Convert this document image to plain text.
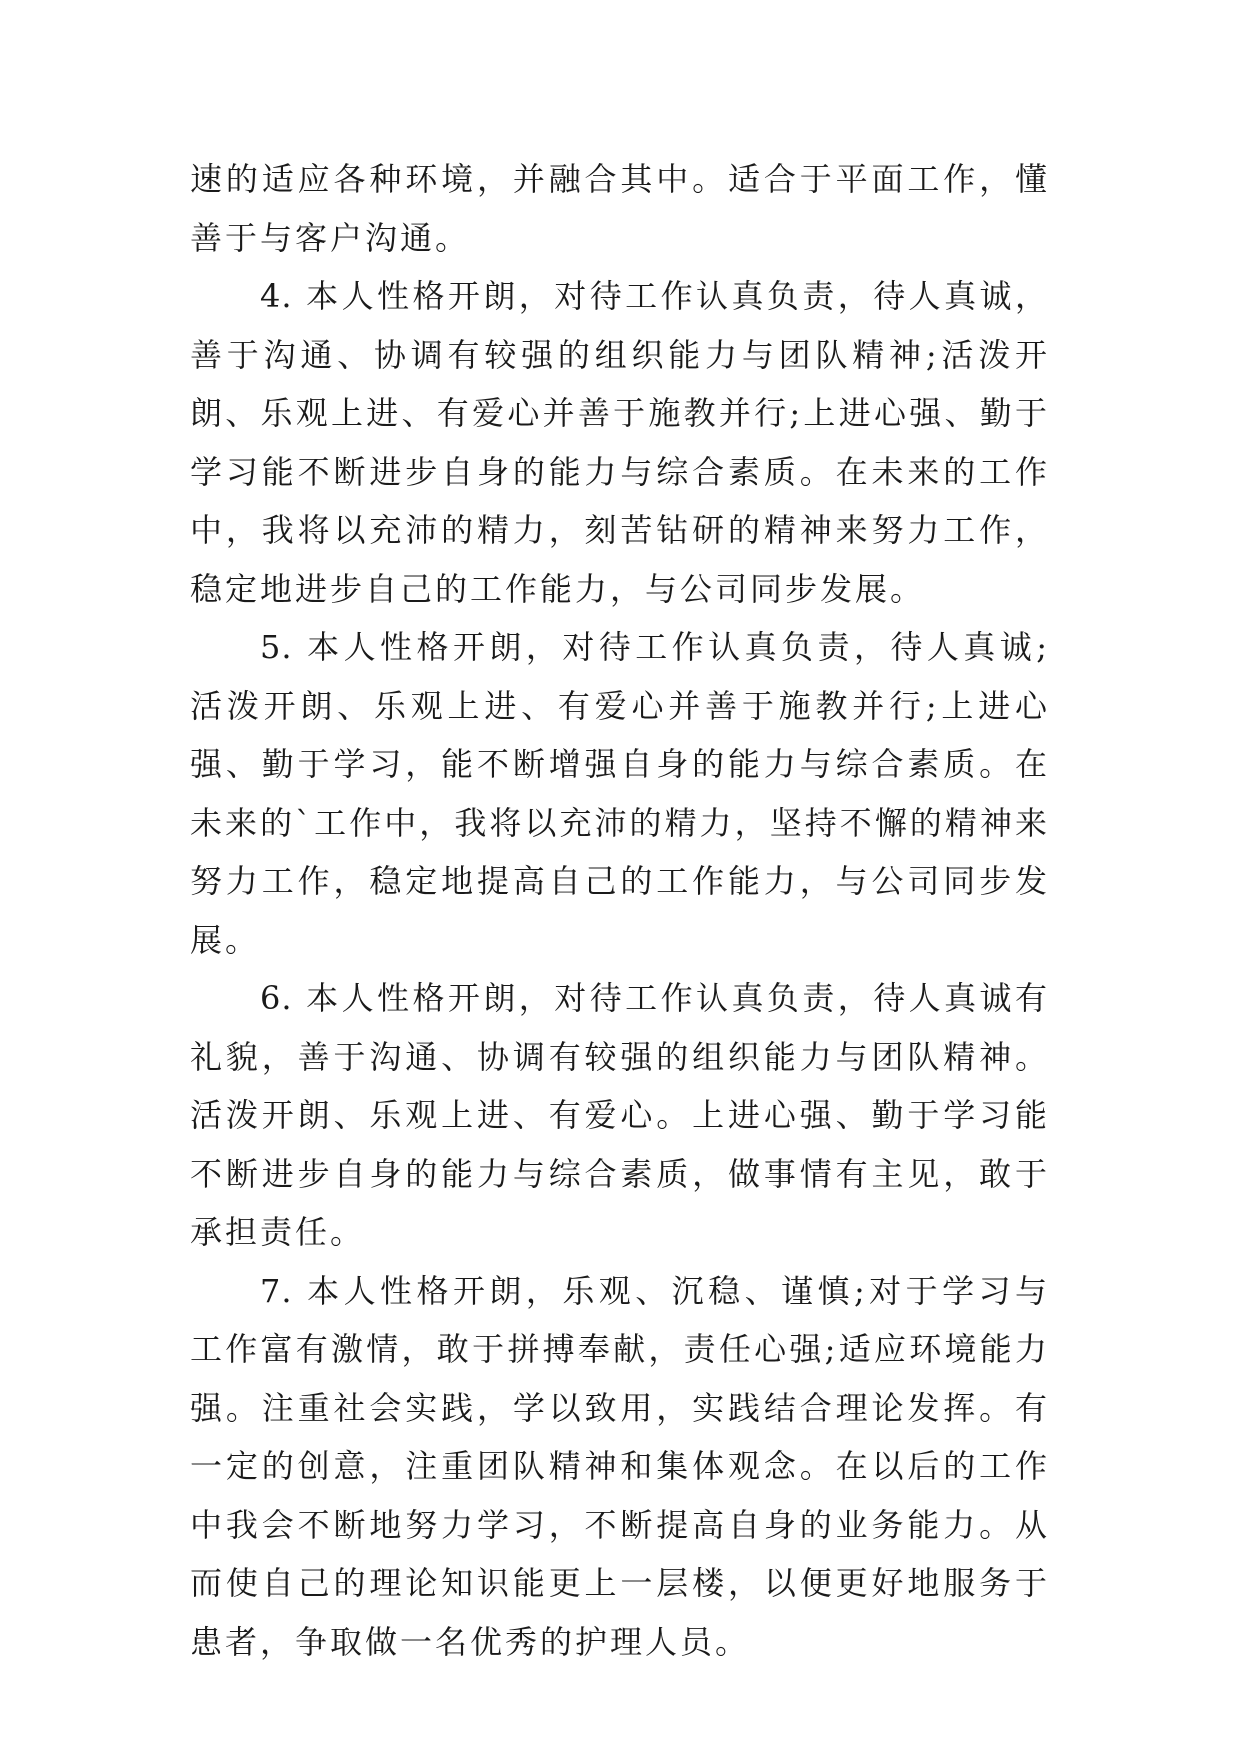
速的适应各种环境，并融合其中。适合于平面工作，懂善于与客户沟通。

4. 本人性格开朗，对待工作认真负责，待人真诚，善于沟通、协调有较强的组织能力与团队精神;活泼开朗、乐观上进、有爱心并善于施教并行;上进心强、勤于学习能不断进步自身的能力与综合素质。在未来的工作中，我将以充沛的精力，刻苦钻研的精神来努力工作，稳定地进步自己的工作能力，与公司同步发展。

5. 本人性格开朗，对待工作认真负责，待人真诚;活泼开朗、乐观上进、有爱心并善于施教并行;上进心强、勤于学习，能不断增强自身的能力与综合素质。在未来的`工作中，我将以充沛的精力，坚持不懈的精神来努力工作，稳定地提高自己的工作能力，与公司同步发展。

6. 本人性格开朗，对待工作认真负责，待人真诚有礼貌，善于沟通、协调有较强的组织能力与团队精神。活泼开朗、乐观上进、有爱心。上进心强、勤于学习能不断进步自身的能力与综合素质，做事情有主见，敢于承担责任。

7. 本人性格开朗，乐观、沉稳、谨慎;对于学习与工作富有激情，敢于拼搏奉献，责任心强;适应环境能力强。注重社会实践，学以致用，实践结合理论发挥。有一定的创意，注重团队精神和集体观念。在以后的工作中我会不断地努力学习，不断提高自身的业务能力。从而使自己的理论知识能更上一层楼，以便更好地服务于患者，争取做一名优秀的护理人员。
